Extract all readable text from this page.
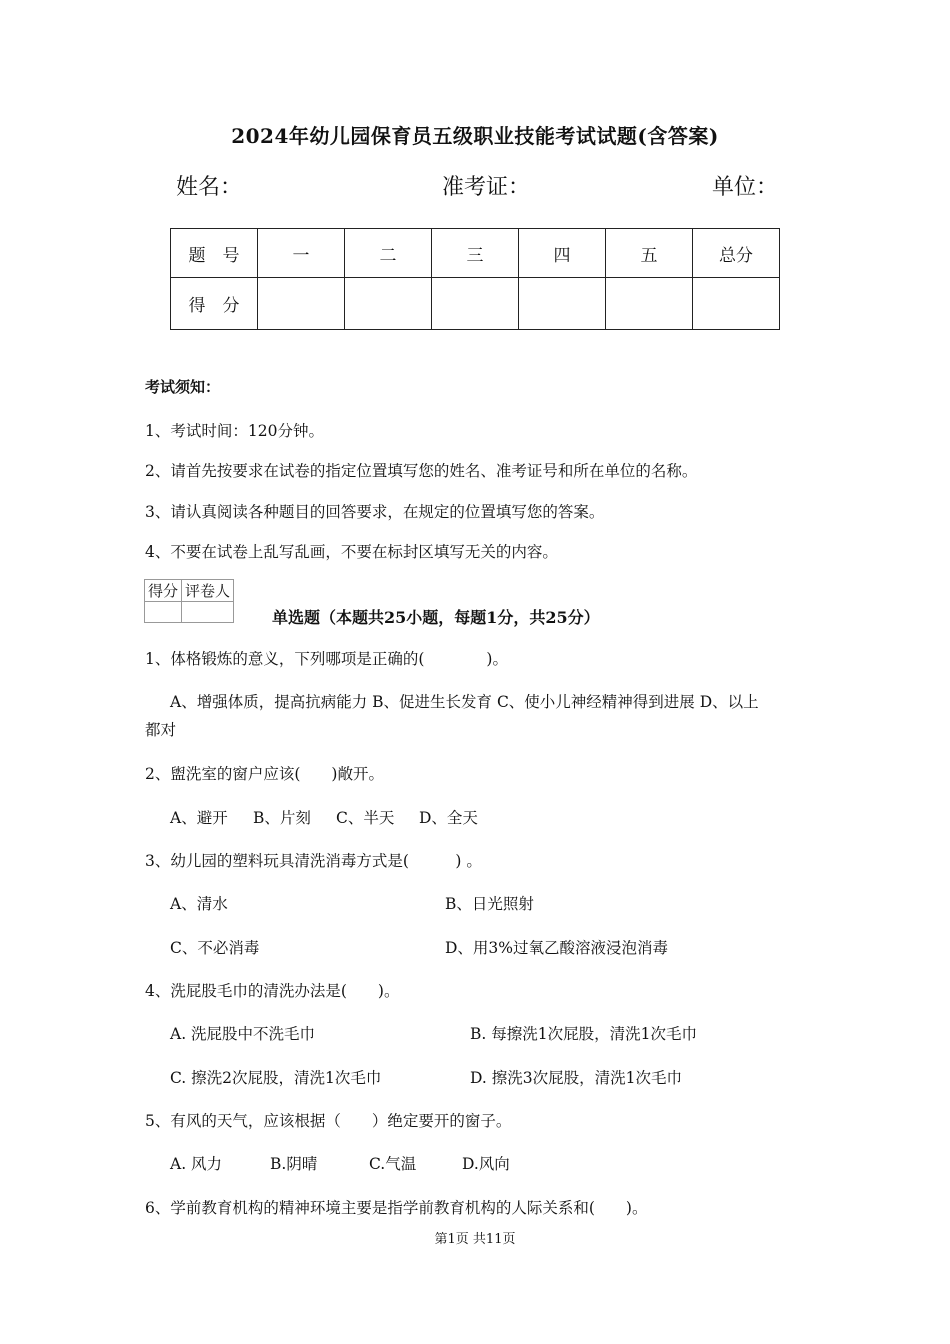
2024年幼儿园保育员五级职业技能考试试题(含答案)
姓名：	准考证：	单位：
题　号	一	二	三	四	五	总分
得　分						
考试须知：
1、考试时间：120分钟。
2、请首先按要求在试卷的指定位置填写您的姓名、准考证号和所在单位的名称。
3、请认真阅读各种题目的回答要求，在规定的位置填写您的答案。
4、不要在试卷上乱写乱画，不要在标封区填写无关的内容。
得分	评卷人

单选题（本题共25小题，每题1分，共25分）
1、体格锻炼的意义，下列哪项是正确的(　　　　)。
A、增强体质，提高抗病能力 B、促进生长发育 C、使小儿神经精神得到进展 D、以上
都对
2、盥洗室的窗户应该(　　)敞开。
A、避开 B、片刻 C、半天 D、全天
3、幼儿园的塑料玩具清洗消毒方式是(　　　) 。
A、清水	B、日光照射
C、不必消毒	D、用3%过氧乙酸溶液浸泡消毒
4、洗屁股毛巾的清洗办法是(　　)。
A. 洗屁股中不洗毛巾	B. 每擦洗1次屁股，清洗1次毛巾
C. 擦洗2次屁股，清洗1次毛巾	D. 擦洗3次屁股，清洗1次毛巾
5、有风的天气，应该根据（　　）绝定要开的窗子。
A. 风力	B.阴晴	C.气温	D.风向
6、学前教育机构的精神环境主要是指学前教育机构的人际关系和(　　)。
第1页 共11页
